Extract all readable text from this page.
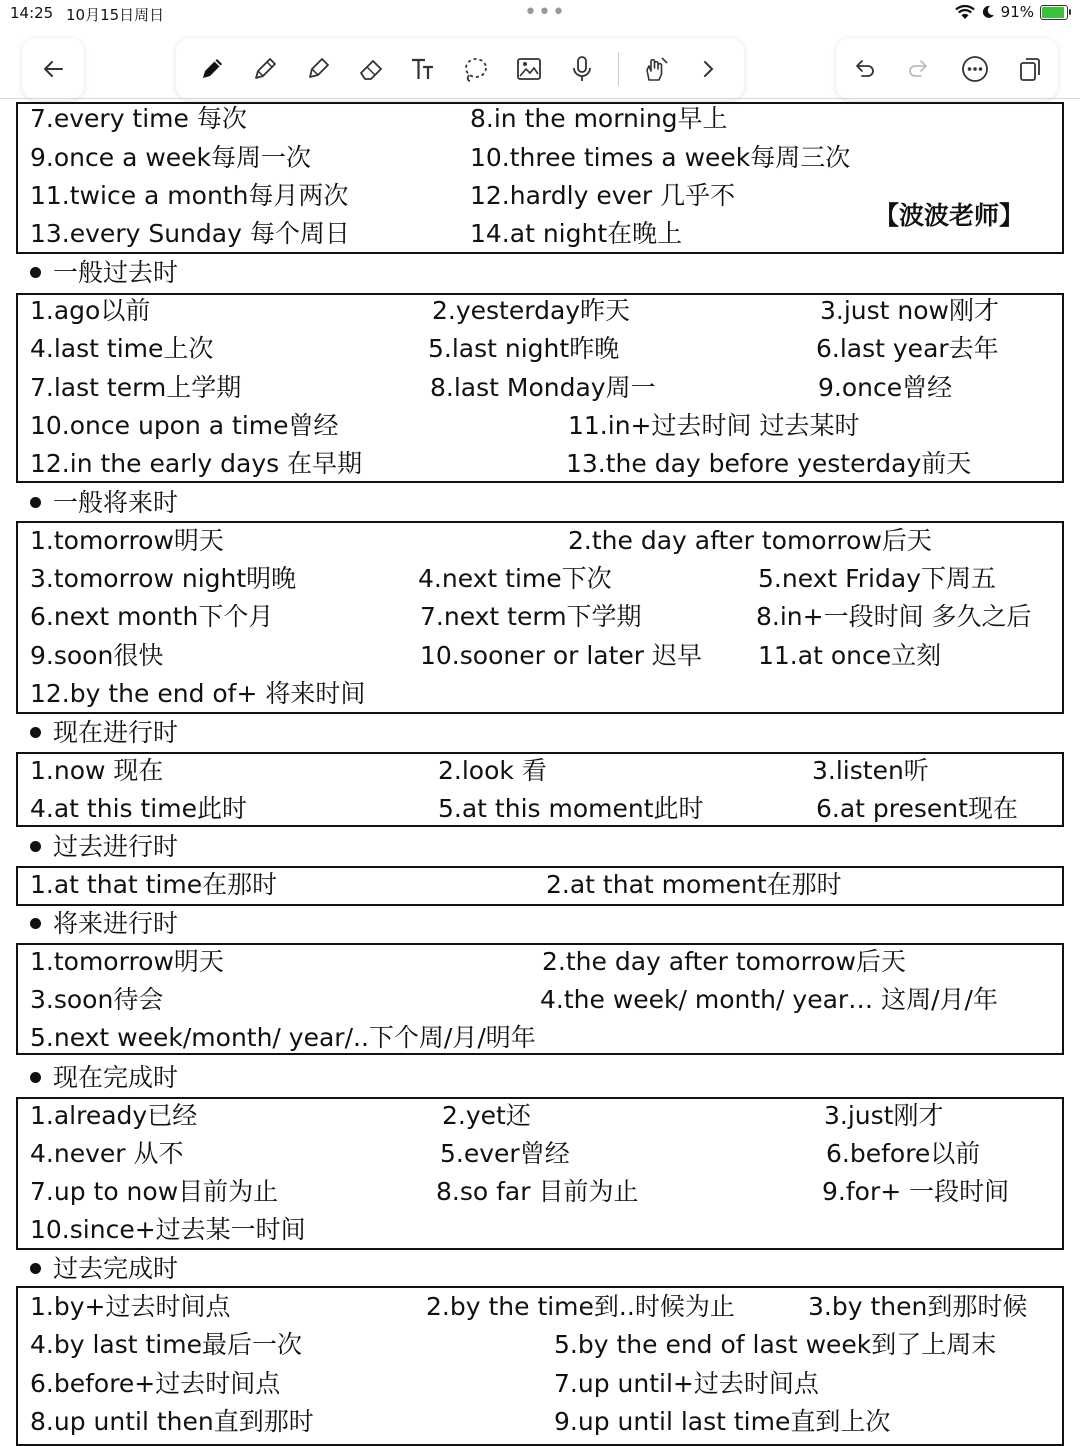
14:25 10月15日周日	•••	91%
7.every time 每次	8.in the morning早上
9.once a week每周一次	10.three times a week每周三次
11.twice a month每月两次	12.hardly ever 几乎不
13.every Sunday 每个周日	14.at night在晚上
【波波老师】
一般过去时
1.ago以前	2.yesterday昨天	3.just now刚才
4.last time上次	5.last night昨晚	6.last year去年
7.last term上学期	8.last Monday周一	9.once曾经
10.once upon a time曾经	11.in+过去时间 过去某时
12.in the early days 在早期	13.the day before yesterday前天
一般将来时
1.tomorrow明天	2.the day after tomorrow后天
3.tomorrow night明晚	4.next time下次	5.next Friday下周五
6.next month下个月	7.next term下学期	8.in+一段时间 多久之后
9.soon很快	10.sooner or later 迟早 11.at once立刻
12.by the end of+ 将来时间
现在进行时
1.now 现在	2.look 看	3.listen听
4.at this time此时	5.at this moment此时	6.at present现在
过去进行时
1.at that time在那时	2.at that moment在那时
将来进行时
1.tomorrow明天	2.the day after tomorrow后天
3.soon待会	4.the week/ month/ year… 这周/月/年
5.next week/month/ year/..下个周/月/明年
现在完成时
1.already已经	2.yet还	3.just刚才
4.never 从不	5.ever曾经	6.before以前
7.up to now目前为止	8.so far 目前为止	9.for+ 一段时间
10.since+过去某一时间
过去完成时
1.by+过去时间点	2.by the time到..时候为止	3.by then到那时候
4.by last time最后一次	5.by the end of last week到了上周末
6.before+过去时间点	7.up until+过去时间点
8.up until then直到那时	9.up until last time直到上次
